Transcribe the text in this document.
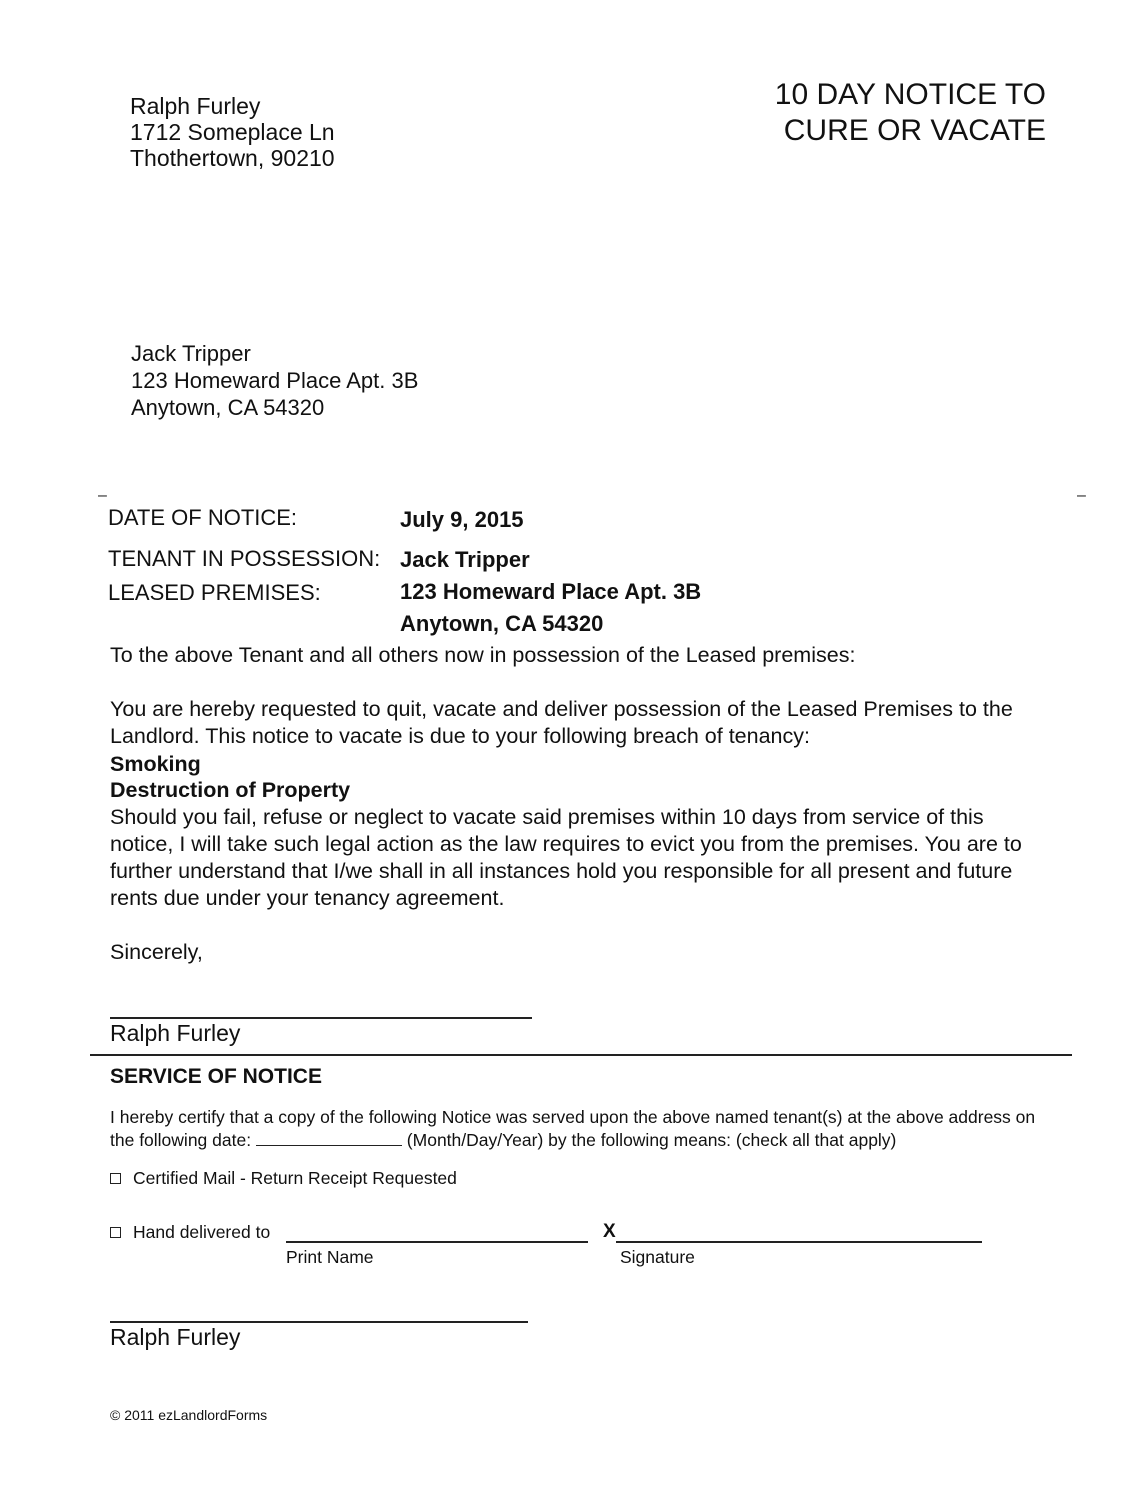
Ralph Furley
1712 Someplace Ln
Thothertown, 90210
10 DAY NOTICE TO
CURE OR VACATE
Jack Tripper
123 Homeward Place Apt. 3B
Anytown, CA 54320
–	–
DATE OF NOTICE:	July 9, 2015
TENANT IN POSSESSION: Jack Tripper
LEASED PREMISES:	123 Homeward Place Apt. 3B
Anytown, CA 54320
To the above Tenant and all others now in possession of the Leased premises:
You are hereby requested to quit, vacate and deliver possession of the Leased Premises to the Landlord. This notice to vacate is due to your following breach of tenancy:
Smoking
Destruction of Property
Should you fail, refuse or neglect to vacate said premises within 10 days from service of this notice, I will take such legal action as the law requires to evict you from the premises. You are to further understand that I/we shall in all instances hold you responsible for all present and future rents due under your tenancy agreement.
Sincerely,
Ralph Furley
SERVICE OF NOTICE
I hereby certify that a copy of the following Notice was served upon the above named tenant(s) at the above address on the following date:	(Month/Day/Year) by the following means: (check all that apply)
Certified Mail - Return Receipt Requested
Hand delivered to	X
Print Name	Signature
Ralph Furley
© 2011 ezLandlordForms
